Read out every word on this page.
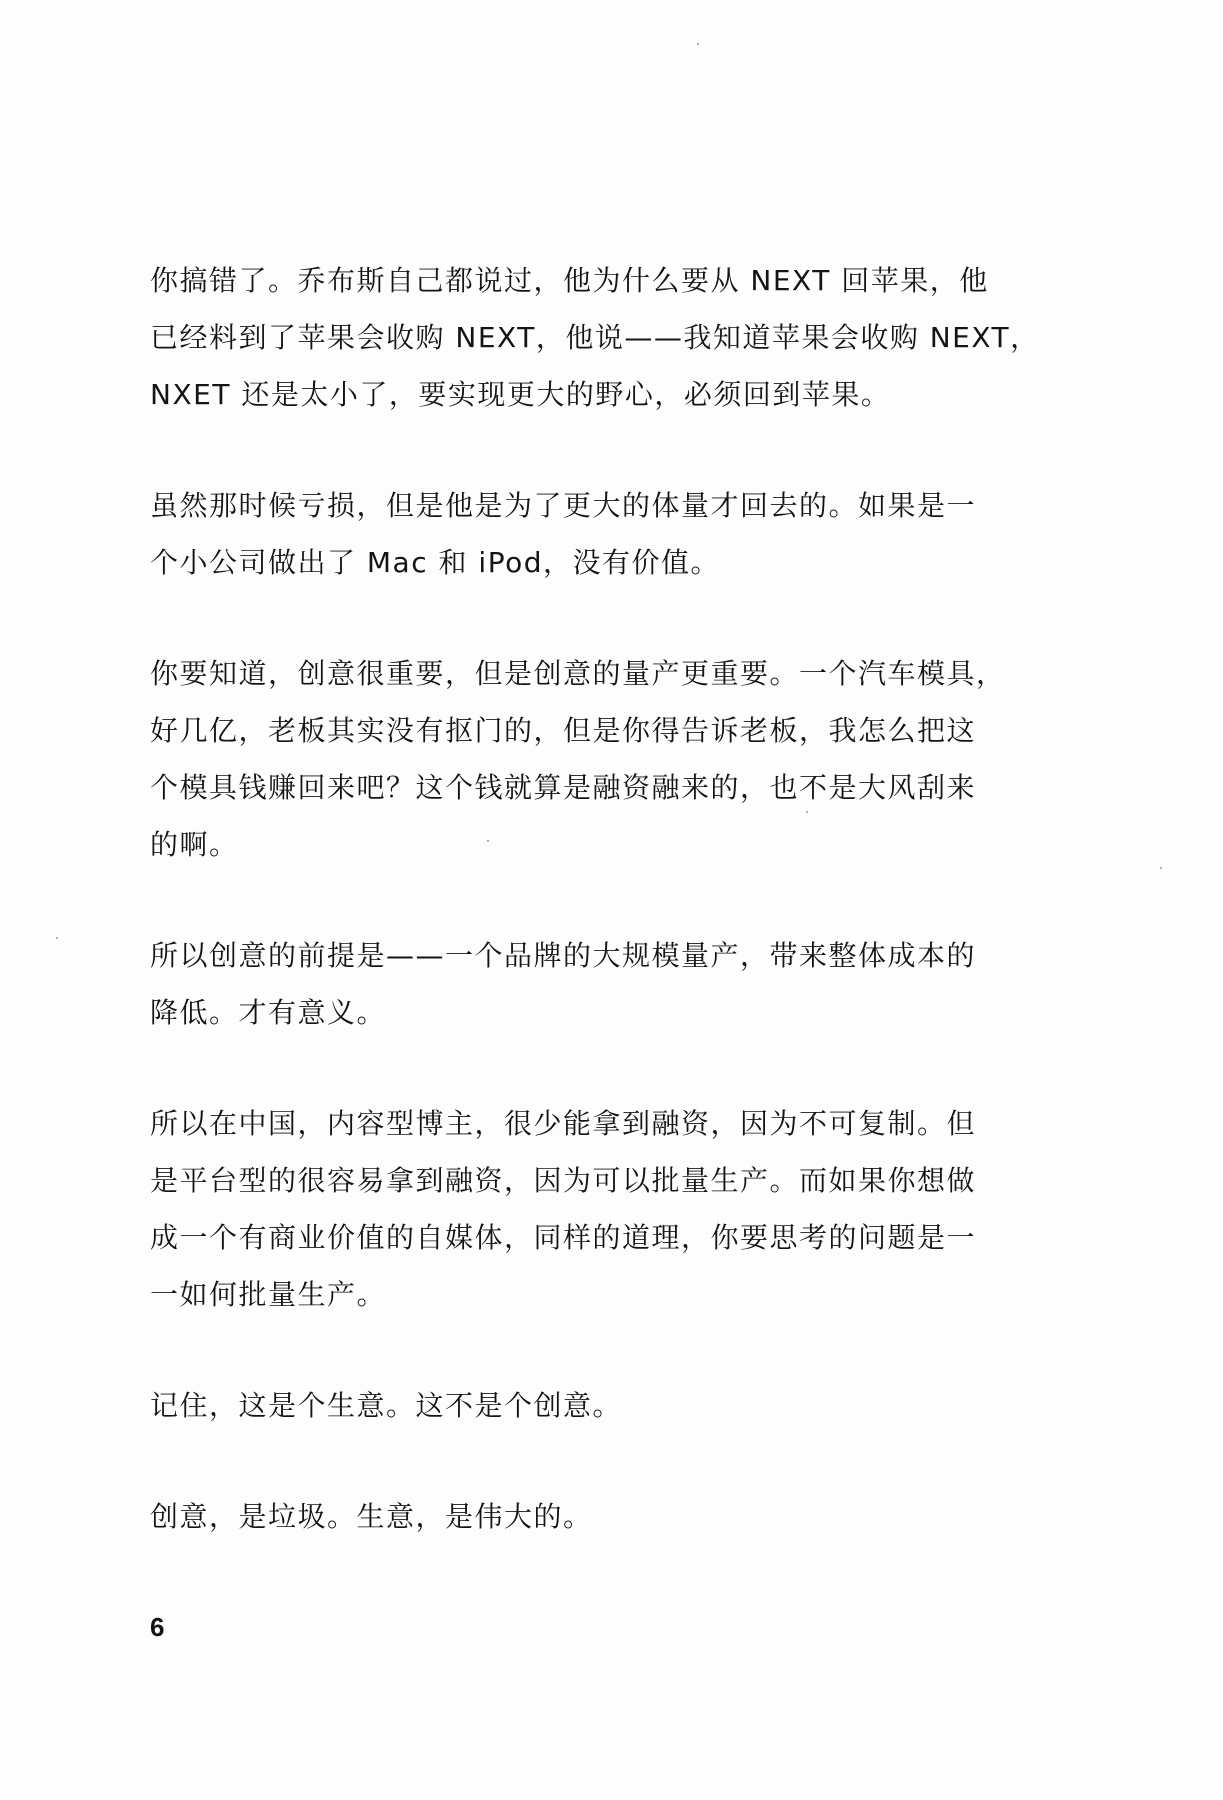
你搞错了。乔布斯自己都说过，他为什么要从 NEXT 回苹果，他
已经料到了苹果会收购 NEXT，他说——我知道苹果会收购 NEXT，
NXET 还是太小了，要实现更大的野心，必须回到苹果。

虽然那时候亏损，但是他是为了更大的体量才回去的。如果是一
个小公司做出了 Mac 和 iPod，没有价值。

你要知道，创意很重要，但是创意的量产更重要。一个汽车模具，
好几亿，老板其实没有抠门的，但是你得告诉老板，我怎么把这
个模具钱赚回来吧？这个钱就算是融资融来的，也不是大风刮来
的啊。

所以创意的前提是——一个品牌的大规模量产，带来整体成本的
降低。才有意义。

所以在中国，内容型博主，很少能拿到融资，因为不可复制。但
是平台型的很容易拿到融资，因为可以批量生产。而如果你想做
成一个有商业价值的自媒体，同样的道理，你要思考的问题是一
一如何批量生产。

记住，这是个生意。这不是个创意。

创意，是垃圾。生意，是伟大的。

6
